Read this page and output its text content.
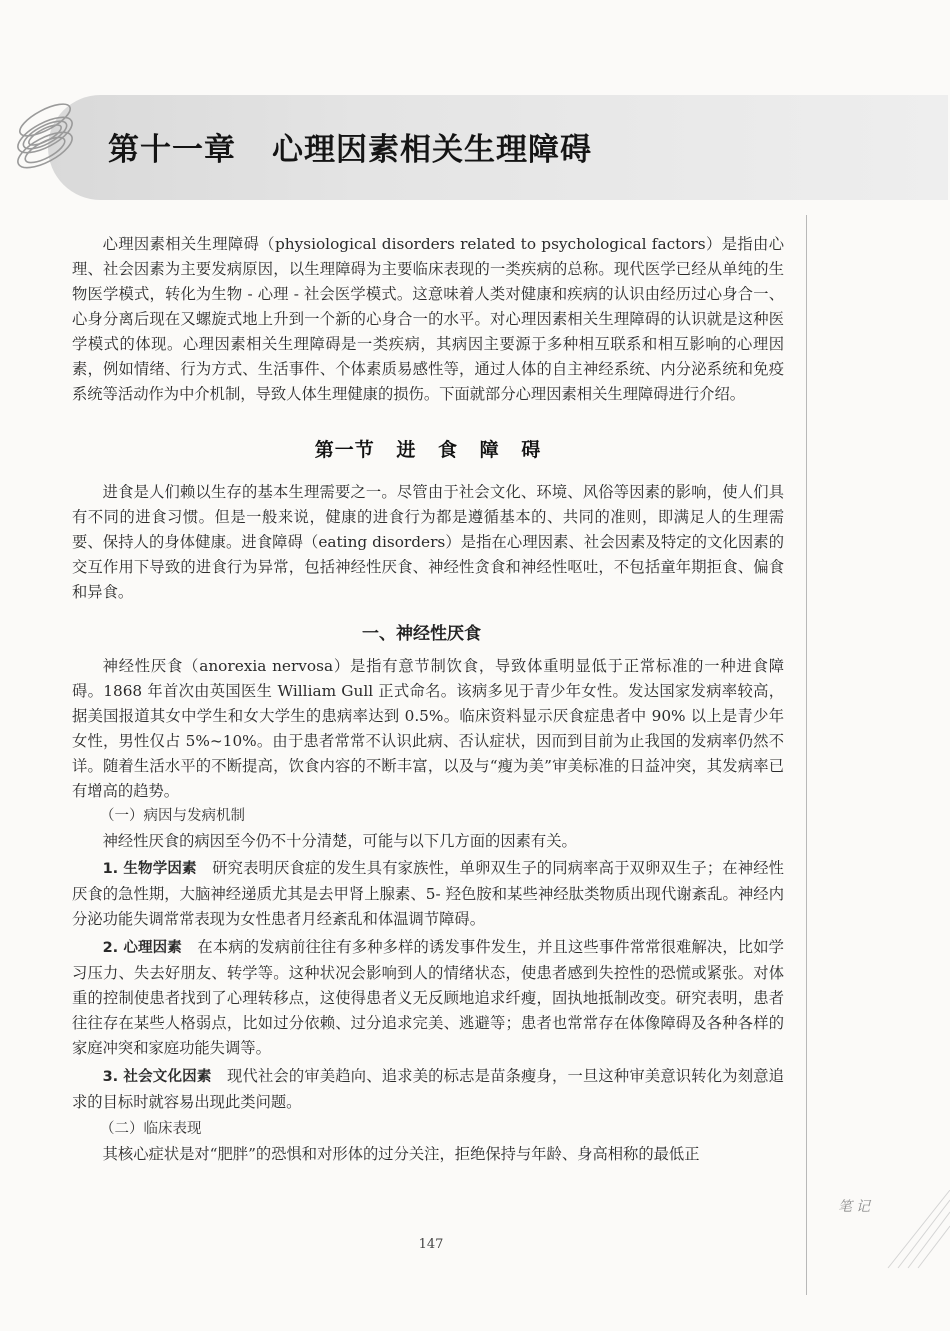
第十一章 心理因素相关生理障碍

心理因素相关生理障碍（physiological disorders related to psychological factors）是指由心理、社会因素为主要发病原因，以生理障碍为主要临床表现的一类疾病的总称。现代医学已经从单纯的生物医学模式，转化为生物 - 心理 - 社会医学模式。这意味着人类对健康和疾病的认识由经历过心身合一、心身分离后现在又螺旋式地上升到一个新的心身合一的水平。对心理因素相关生理障碍的认识就是这种医学模式的体现。心理因素相关生理障碍是一类疾病，其病因主要源于多种相互联系和相互影响的心理因素，例如情绪、行为方式、生活事件、个体素质易感性等，通过人体的自主神经系统、内分泌系统和免疫系统等活动作为中介机制，导致人体生理健康的损伤。下面就部分心理因素相关生理障碍进行介绍。

第一节 进 食 障 碍

进食是人们赖以生存的基本生理需要之一。尽管由于社会文化、环境、风俗等因素的影响，使人们具有不同的进食习惯。但是一般来说，健康的进食行为都是遵循基本的、共同的准则，即满足人的生理需要、保持人的身体健康。进食障碍（eating disorders）是指在心理因素、社会因素及特定的文化因素的交互作用下导致的进食行为异常，包括神经性厌食、神经性贪食和神经性呕吐，不包括童年期拒食、偏食和异食。

一、神经性厌食

神经性厌食（anorexia nervosa）是指有意节制饮食，导致体重明显低于正常标准的一种进食障碍。1868 年首次由英国医生 William Gull 正式命名。该病多见于青少年女性。发达国家发病率较高，据美国报道其女中学生和女大学生的患病率达到 0.5%。临床资料显示厌食症患者中 90% 以上是青少年女性，男性仅占 5%~10%。由于患者常常不认识此病、否认症状，因而到目前为止我国的发病率仍然不详。随着生活水平的不断提高，饮食内容的不断丰富，以及与“瘦为美”审美标准的日益冲突，其发病率已有增高的趋势。

（一）病因与发病机制

神经性厌食的病因至今仍不十分清楚，可能与以下几方面的因素有关。

1. 生物学因素　 研究表明厌食症的发生具有家族性，单卵双生子的同病率高于双卵双生子；在神经性厌食的急性期，大脑神经递质尤其是去甲肾上腺素、5- 羟色胺和某些神经肽类物质出现代谢紊乱。神经内分泌功能失调常常表现为女性患者月经紊乱和体温调节障碍。

2. 心理因素　 在本病的发病前往往有多种多样的诱发事件发生，并且这些事件常常很难解决，比如学习压力、失去好朋友、转学等。这种状况会影响到人的情绪状态，使患者感到失控性的恐慌或紧张。对体重的控制使患者找到了心理转移点，这使得患者义无反顾地追求纤瘦，固执地抵制改变。研究表明，患者往往存在某些人格弱点，比如过分依赖、过分追求完美、逃避等；患者也常常存在体像障碍及各种各样的家庭冲突和家庭功能失调等。

3. 社会文化因素　 现代社会的审美趋向、追求美的标志是苗条瘦身，一旦这种审美意识转化为刻意追求的目标时就容易出现此类问题。

（二）临床表现

其核心症状是对“肥胖”的恐惧和对形体的过分关注，拒绝保持与年龄、身高相称的最低正

147
笔记
